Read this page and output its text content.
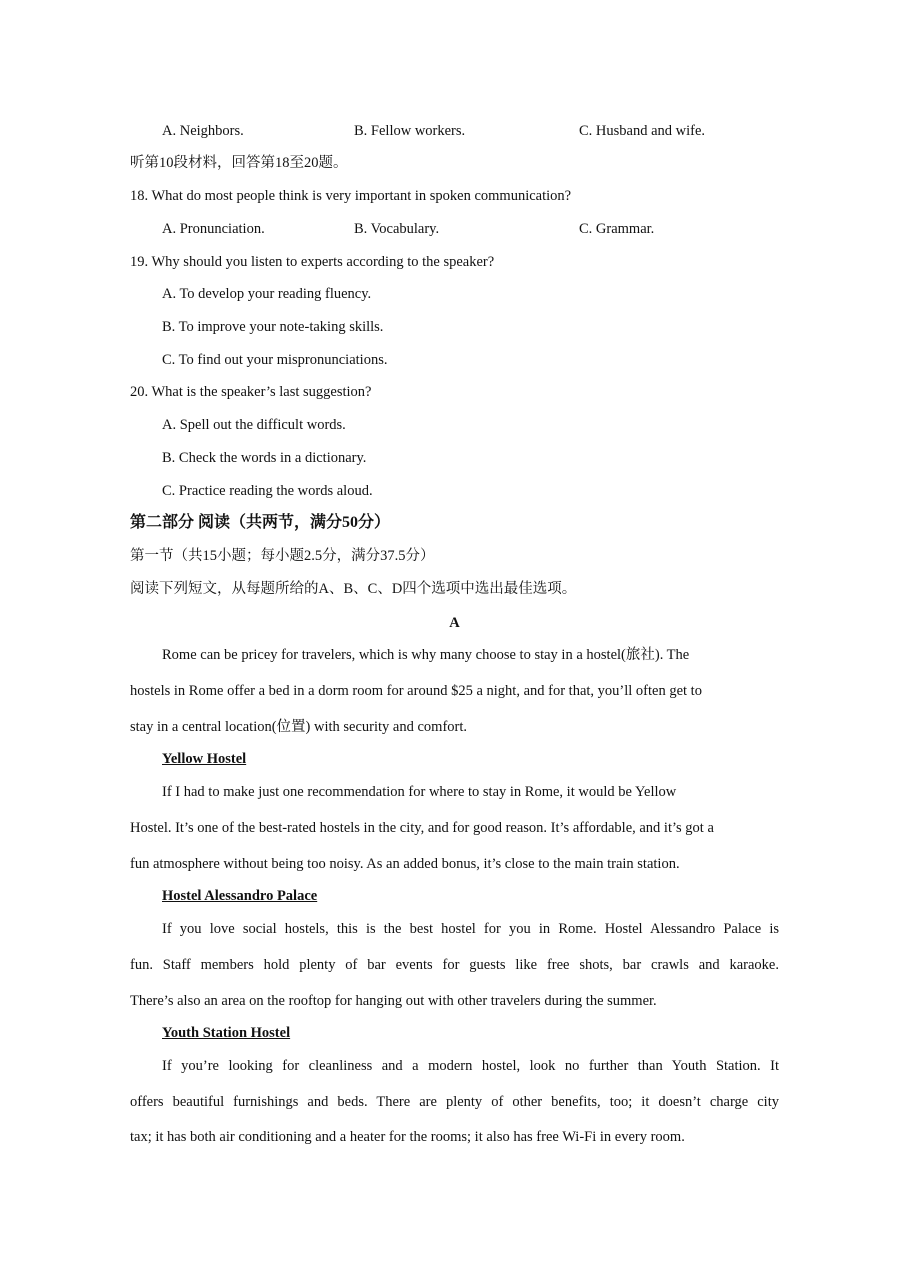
A. Neighbors.	B. Fellow workers.	C. Husband and wife.
听第10段材料，回答第18至20题。
18. What do most people think is very important in spoken communication?
A. Pronunciation.	B. Vocabulary.	C. Grammar.
19. Why should you listen to experts according to the speaker?
A. To develop your reading fluency.
B. To improve your note-taking skills.
C. To find out your mispronunciations.
20. What is the speaker’s last suggestion?
A. Spell out the difficult words.
B. Check the words in a dictionary.
C. Practice reading the words aloud.
第二部分 阅读（共两节，满分50分）
第一节（共15小题；每小题2.5分，满分37.5分）
阅读下列短文，从每题所给的A、B、C、D四个选项中选出最佳选项。
A
Rome can be pricey for travelers, which is why many choose to stay in a hostel(旅社). The
hostels in Rome offer a bed in a dorm room for around $25 a night, and for that, you’ll often get to
stay in a central location(位置) with security and comfort.
Yellow Hostel
If I had to make just one recommendation for where to stay in Rome, it would be Yellow
Hostel. It’s one of the best-rated hostels in the city, and for good reason. It’s affordable, and it’s got a
fun atmosphere without being too noisy. As an added bonus, it’s close to the main train station.
Hostel Alessandro Palace
If you love social hostels, this is the best hostel for you in Rome. Hostel Alessandro Palace is
fun. Staff members hold plenty of bar events for guests like free shots, bar crawls and karaoke.
There’s also an area on the rooftop for hanging out with other travelers during the summer.
Youth Station Hostel
If you’re looking for cleanliness and a modern hostel, look no further than Youth Station. It
offers beautiful furnishings and beds. There are plenty of other benefits, too; it doesn’t charge city
tax; it has both air conditioning and a heater for the rooms; it also has free Wi-Fi in every room.
